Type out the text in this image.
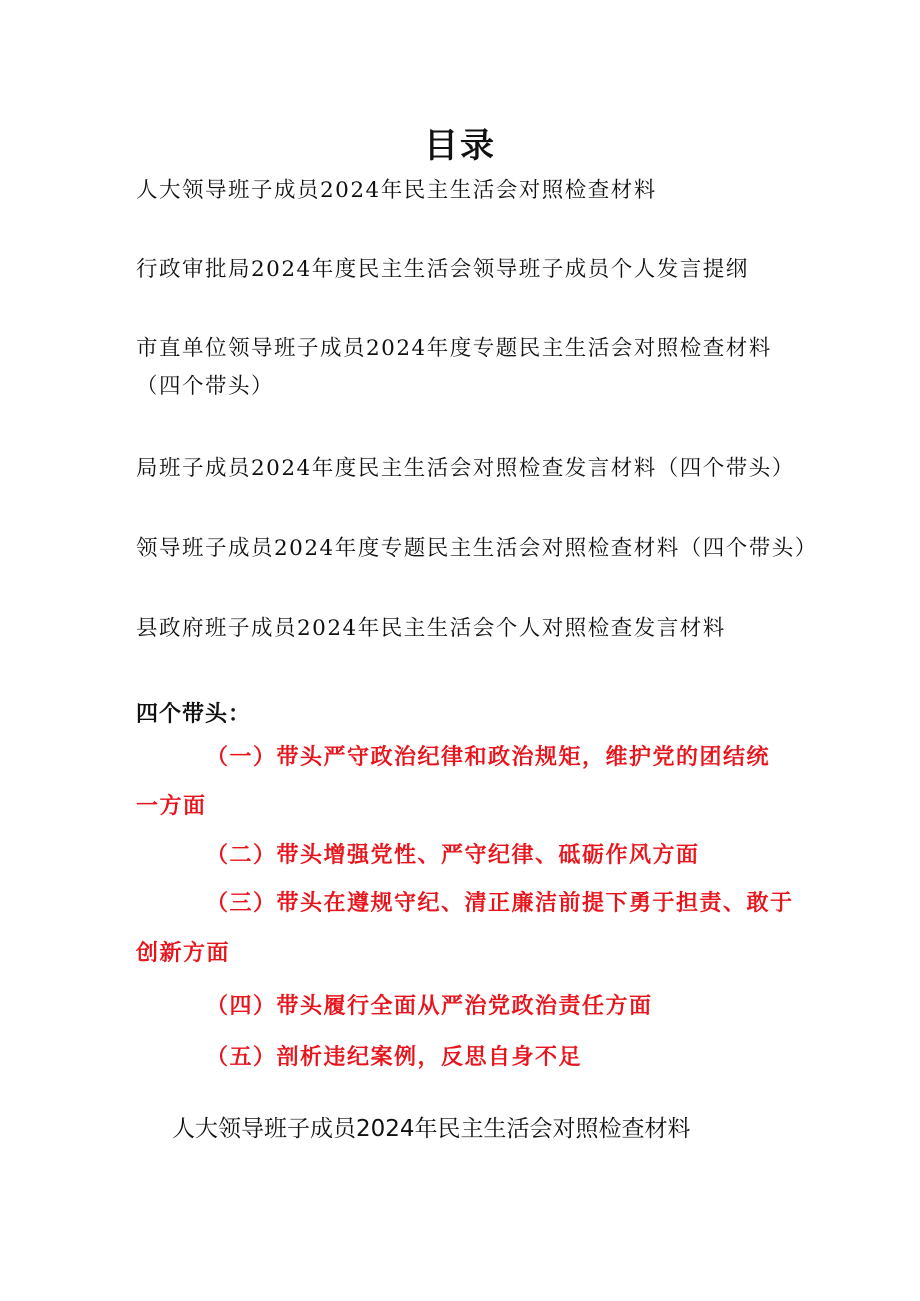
目录
人大领导班子成员2024年民主生活会对照检查材料
行政审批局2024年度民主生活会领导班子成员个人发言提纲
市直单位领导班子成员2024年度专题民主生活会对照检查材料
（四个带头）
局班子成员2024年度民主生活会对照检查发言材料（四个带头）
领导班子成员2024年度专题民主生活会对照检查材料（四个带头）
县政府班子成员2024年民主生活会个人对照检查发言材料
四个带头：
（一）带头严守政治纪律和政治规矩，维护党的团结统
一方面
（二）带头增强党性、严守纪律、砥砺作风方面
（三）带头在遵规守纪、清正廉洁前提下勇于担责、敢于
创新方面
（四）带头履行全面从严治党政治责任方面
（五）剖析违纪案例，反思自身不足
人大领导班子成员2024年民主生活会对照检查材料
